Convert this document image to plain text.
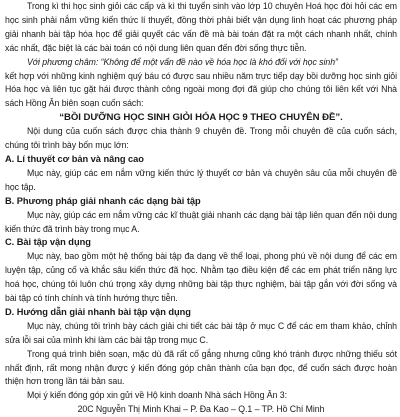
Trong kì thi học sinh giỏi các cấp và kì thi tuyển sinh vào lớp 10 chuyên Hoá học đòi hỏi các em học sinh phải nắm vững kiến thức lí thuyết, đồng thời phải biết vận dụng linh hoạt các phương pháp giải nhanh bài tập hóa học để giải quyết các vấn đề mà bài toán đặt ra một cách nhanh nhất, chính xác nhất, đặc biệt là các bài toán có nội dung liên quan đến đời sống thực tiễn.

Với phương châm: “Không để một vấn đề nào về hóa học là khó đối với học sinh”

kết hợp với những kinh nghiệm quý báu có được sau nhiều năm trực tiếp dạy bồi dưỡng học sinh giỏi Hóa học và liên tục gặt hái được thành công ngoài mong đợi đã giúp cho chúng tôi liên kết với Nhà sách Hồng Ân biên soạn cuốn sách:

“BỒI DƯỠNG HỌC SINH GIỎI HÓA HỌC 9 THEO CHUYÊN ĐỀ”.

Nội dung của cuốn sách được chia thành 9 chuyên đề. Trong mỗi chuyên đề của cuốn sách, chúng tôi trình bày bốn mục lớn:

A. Lí thuyết cơ bản và nâng cao

Mục này, giúp các em nắm vững kiến thức lý thuyết cơ bản và chuyên sâu của mỗi chuyên đề học tập.

B. Phương pháp giải nhanh các dạng bài tập

Mục này, giúp các em nắm vững các kĩ thuật giải nhanh các dạng bài tập liên quan đến nội dung kiến thức đã trình bày trong mục A.

C. Bài tập vận dụng

Mục này, bao gồm một hệ thống bài tập đa dạng về thể loại, phong phú về nội dung để các em luyện tập, củng cố và khắc sâu kiến thức đã học. Nhằm tạo điều kiện để các em phát triển năng lực hoá học, chúng tôi luôn chú trọng xây dựng những bài tập thực nghiệm, bài tập gắn với đời sống và bài tập có tính chính và tính hướng thực tiễn.

D. Hướng dẫn giải nhanh bài tập vận dụng

Mục này, chúng tôi trình bày cách giải chi tiết các bài tập ở mục C để các em tham khảo, chỉnh sửa lỗi sai của mình khi làm các bài tập trong mục C.

Trong quá trình biên soạn, mặc dù đã rất cố gắng nhưng cũng khó tránh được những thiếu sót nhất định, rất mong nhận được ý kiến đóng góp chân thành của bạn đọc, để cuốn sách được hoàn thiện hơn trong lần tái bản sau.

Mọi ý kiến đóng góp xin gửi về Hộ kinh doanh Nhà sách Hồng Ân 3:

20C Nguyễn Thị Minh Khai – P. Đa Kao – Q.1 – TP. Hồ Chí Minh
